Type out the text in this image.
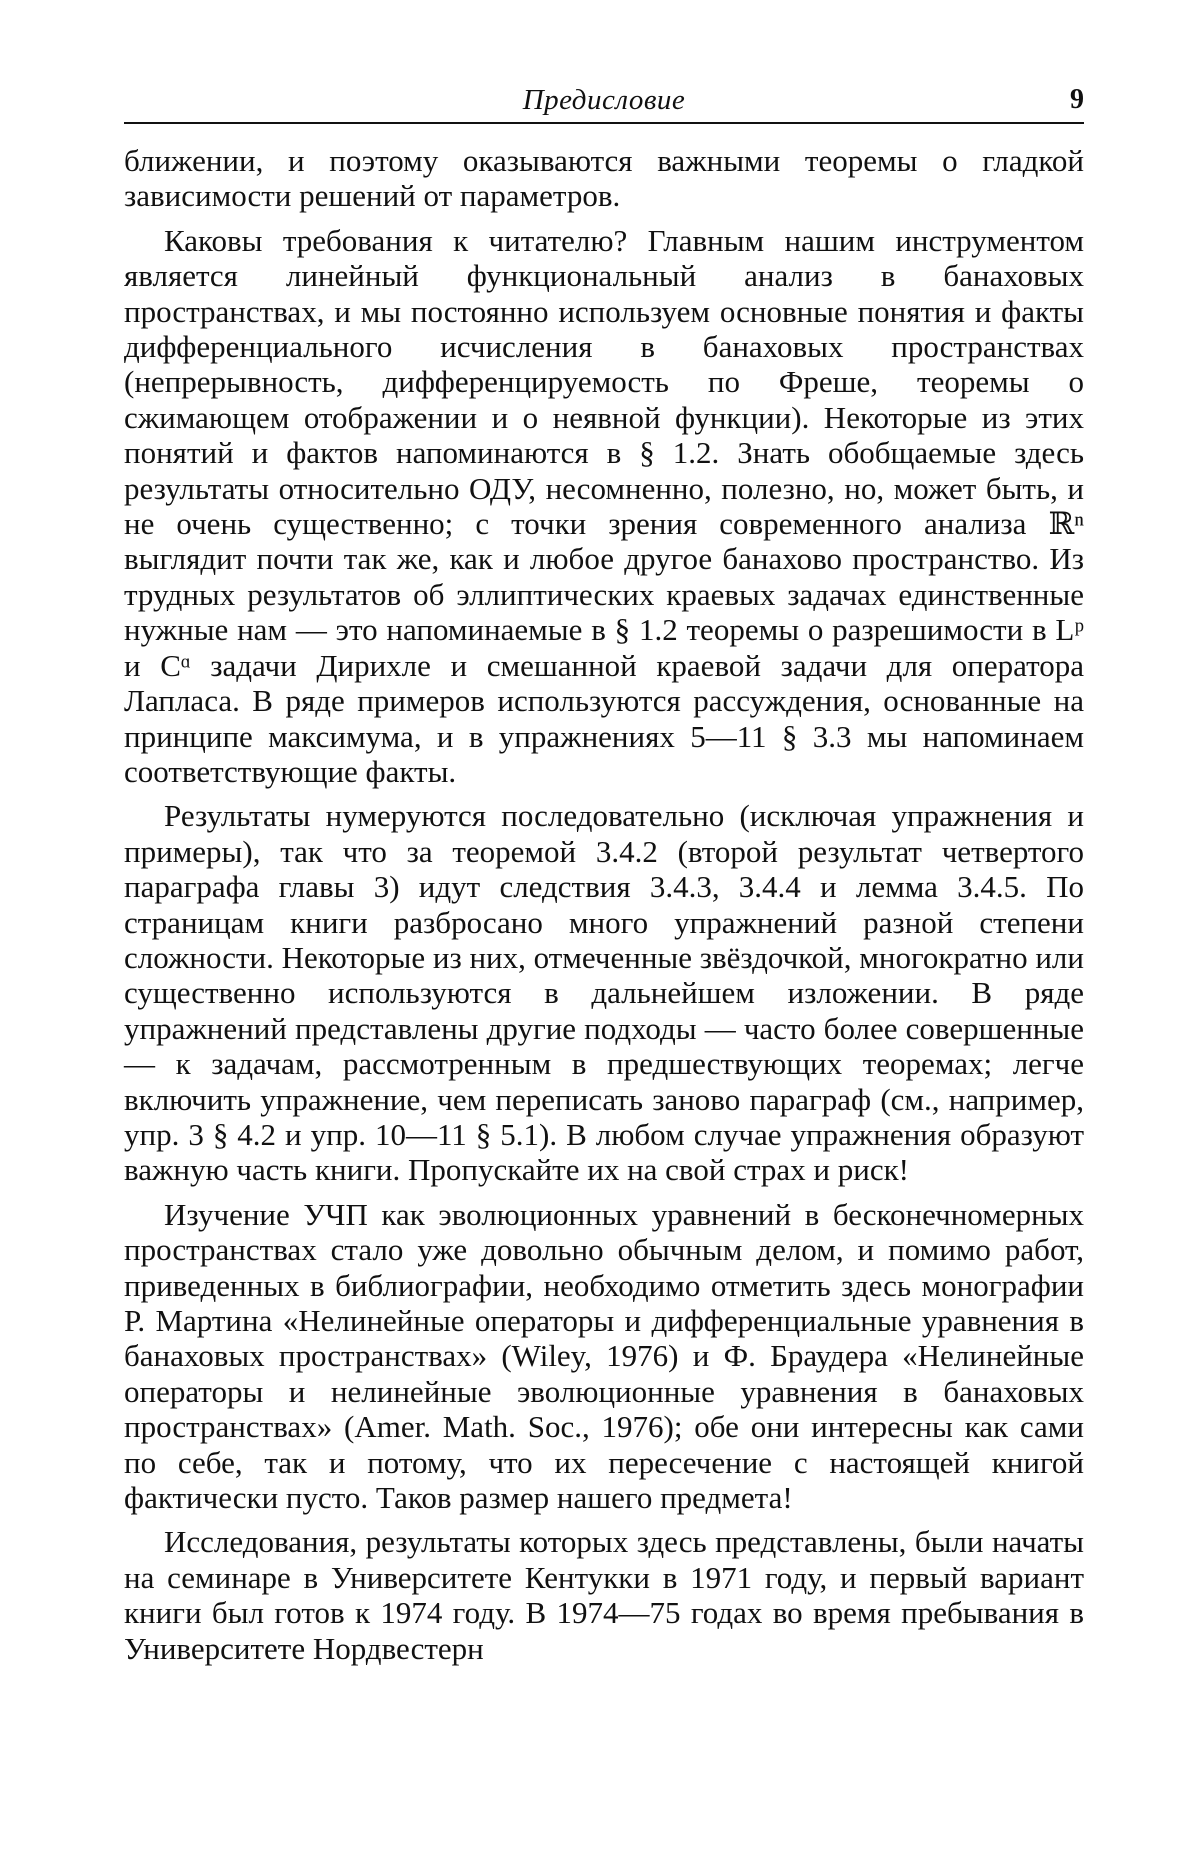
Предисловие	9

ближении, и поэтому оказываются важными теоремы о гладкой зависимости решений от параметров.

Каковы требования к читателю? Главным нашим инструментом является линейный функциональный анализ в банаховых пространствах, и мы постоянно используем основные понятия и факты дифференциального исчисления в банаховых пространствах (непрерывность, дифференцируемость по Фреше, теоремы о сжимающем отображении и о неявной функции). Некоторые из этих понятий и фактов напоминаются в § 1.2. Знать обобщаемые здесь результаты относительно ОДУ, несомненно, полезно, но, может быть, и не очень существенно; с точки зрения современного анализа ℝⁿ выглядит почти так же, как и любое другое банахово пространство. Из трудных результатов об эллиптических краевых задачах единственные нужные нам — это напоминаемые в § 1.2 теоремы о разрешимости в Lᵖ и Cᵅ задачи Дирихле и смешанной краевой задачи для оператора Лапласа. В ряде примеров используются рассуждения, основанные на принципе максимума, и в упражнениях 5—11 § 3.3 мы напоминаем соответствующие факты.

Результаты нумеруются последовательно (исключая упражнения и примеры), так что за теоремой 3.4.2 (второй результат четвертого параграфа главы 3) идут следствия 3.4.3, 3.4.4 и лемма 3.4.5. По страницам книги разбросано много упражнений разной степени сложности. Некоторые из них, отмеченные звёздочкой, многократно или существенно используются в дальнейшем изложении. В ряде упражнений представлены другие подходы — часто более совершенные — к задачам, рассмотренным в предшествующих теоремах; легче включить упражнение, чем переписать заново параграф (см., например, упр. 3 § 4.2 и упр. 10—11 § 5.1). В любом случае упражнения образуют важную часть книги. Пропускайте их на свой страх и риск!

Изучение УЧП как эволюционных уравнений в бесконечномерных пространствах стало уже довольно обычным делом, и помимо работ, приведенных в библиографии, необходимо отметить здесь монографии Р. Мартина «Нелинейные операторы и дифференциальные уравнения в банаховых пространствах» (Wiley, 1976) и Ф. Браудера «Нелинейные операторы и нелинейные эволюционные уравнения в банаховых пространствах» (Amer. Math. Soc., 1976); обе они интересны как сами по себе, так и потому, что их пересечение с настоящей книгой фактически пусто. Таков размер нашего предмета!

Исследования, результаты которых здесь представлены, были начаты на семинаре в Университете Кентукки в 1971 году, и первый вариант книги был готов к 1974 году. В 1974—75 годах во время пребывания в Университете Нордвестерн
